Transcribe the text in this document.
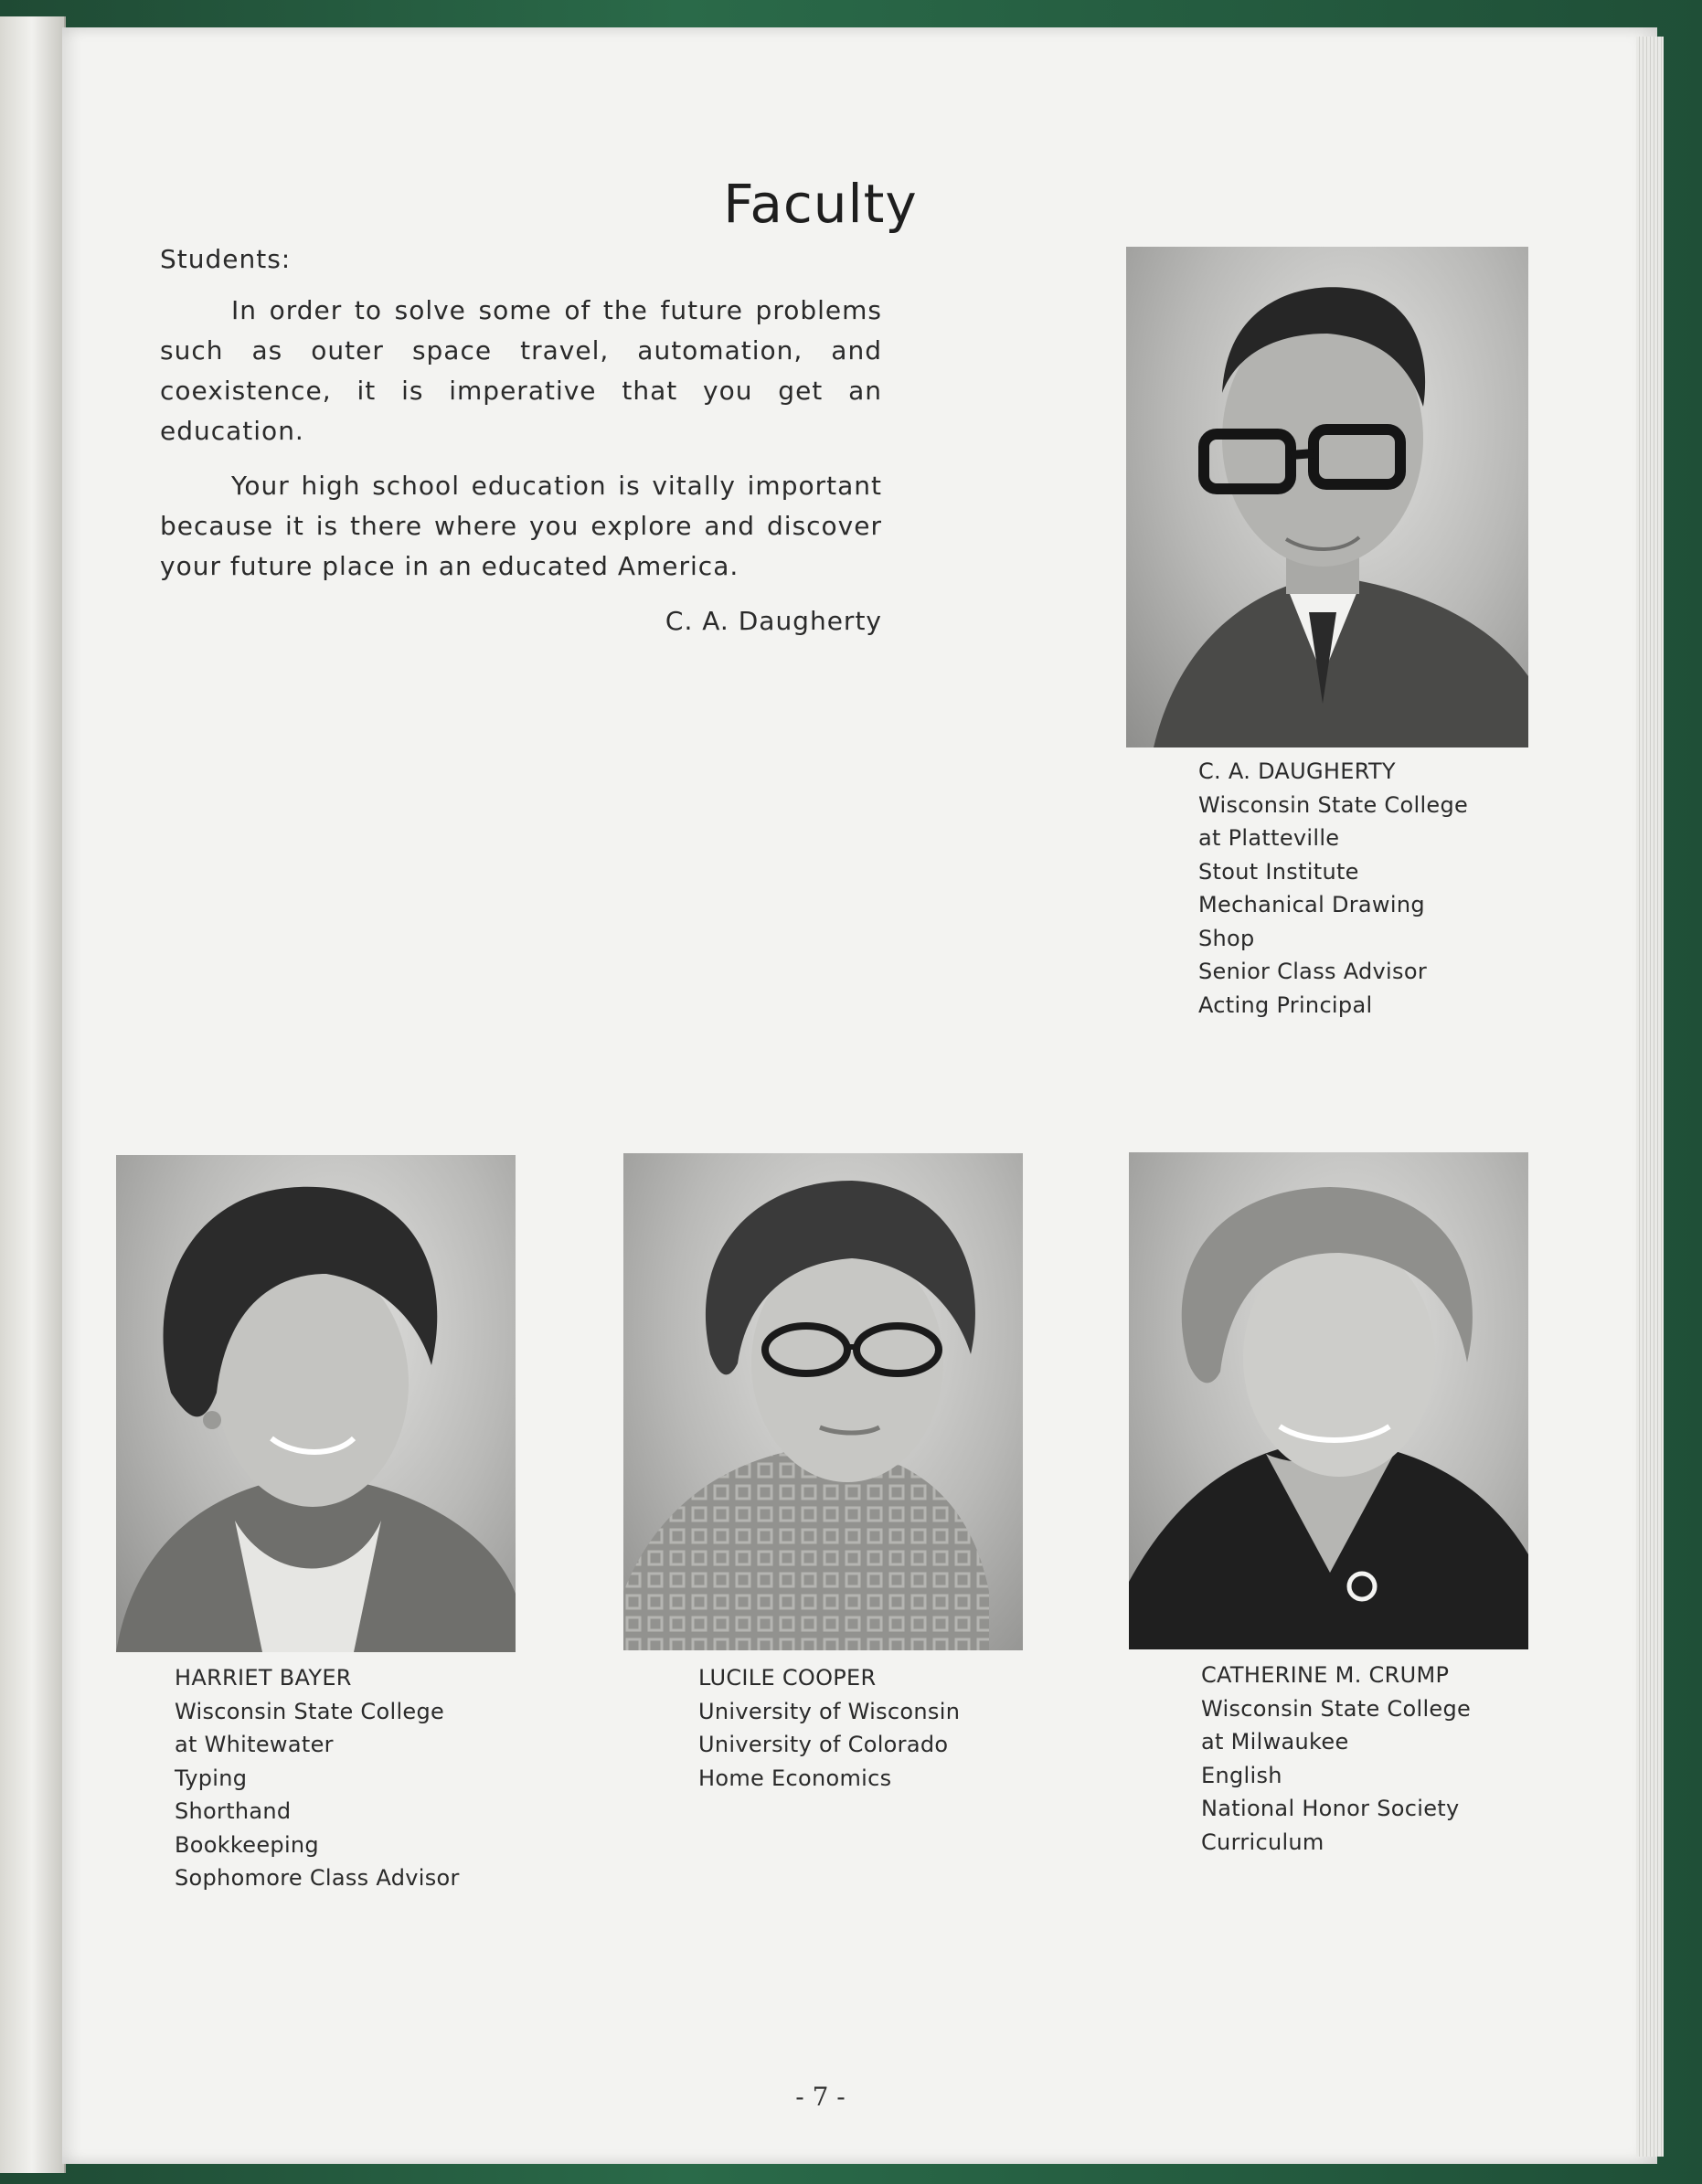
Faculty

Students:

In order to solve some of the future problems such as outer space travel, automation, and coexistence, it is imperative that you get an education.

Your high school education is vitally important because it is there where you explore and discover your future place in an educated America.

C. A. Daugherty

C. A. DAUGHERTY
Wisconsin State College
at Platteville
Stout Institute
Mechanical Drawing
Shop
Senior Class Advisor
Acting Principal
HARRIET BAYER
Wisconsin State College
at Whitewater
Typing
Shorthand
Bookkeeping
Sophomore Class Advisor
LUCILE COOPER
University of Wisconsin
University of Colorado
Home Economics
CATHERINE M. CRUMP
Wisconsin State College
at Milwaukee
English
National Honor Society
Curriculum
- 7 -
